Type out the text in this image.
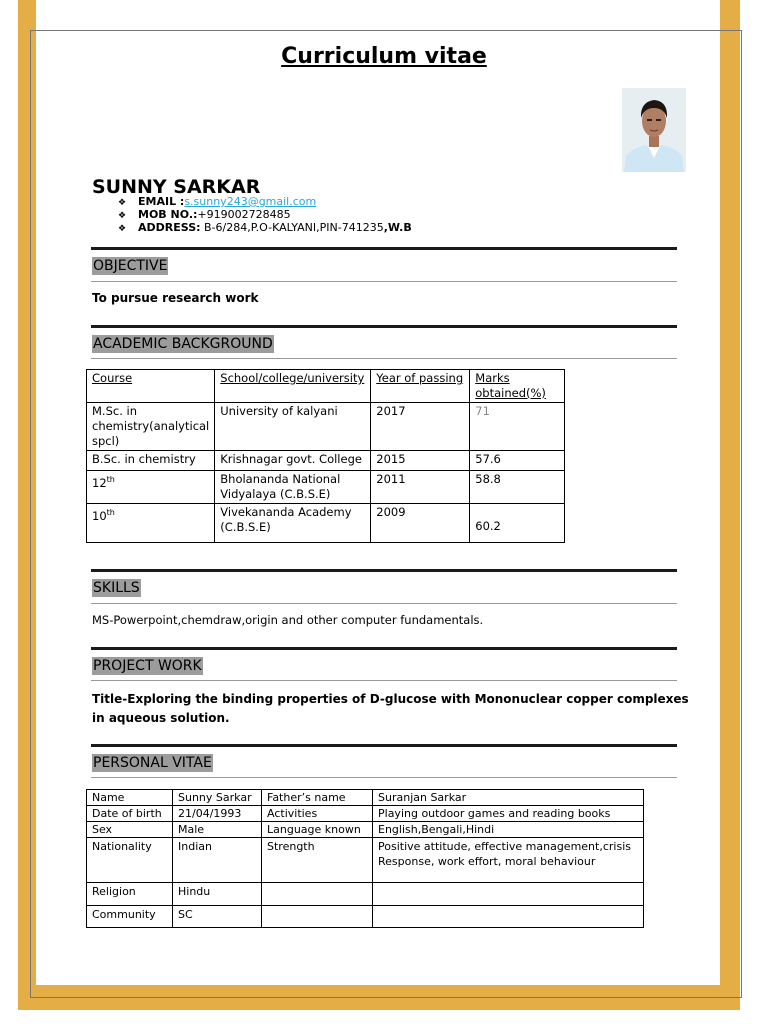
Curriculum vitae
SUNNY SARKAR
❖ EMAIL :s.sunny243@gmail.com
❖ MOB NO.:+919002728485
❖ ADDRESS: B-6/284,P.O-KALYANI,PIN-741235,W.B
OBJECTIVE
To pursue research work
ACADEMIC BACKGROUND
Course	School/college/university	Year of passing	Marks obtained(%)
M.Sc. in chemistry(analytical spcl)	University of kalyani	2017	71
B.Sc. in chemistry	Krishnagar govt. College	2015	57.6
12th	Bholananda National Vidyalaya (C.B.S.E)	2011	58.8
10th	Vivekananda Academy (C.B.S.E)	2009	60.2
SKILLS
MS-Powerpoint,chemdraw,origin and other computer fundamentals.
PROJECT WORK
Title-Exploring the binding properties of D-glucose with Mononuclear copper complexes
in aqueous solution.
PERSONAL VITAE
Name	Sunny Sarkar	Father’s name	Suranjan Sarkar
Date of birth	21/04/1993	Activities	Playing outdoor games and reading books
Sex	Male	Language known	English,Bengali,Hindi
Nationality	Indian	Strength	Positive attitude, effective management,crisis Response, work effort, moral behaviour
Religion	Hindu		
Community	SC		
